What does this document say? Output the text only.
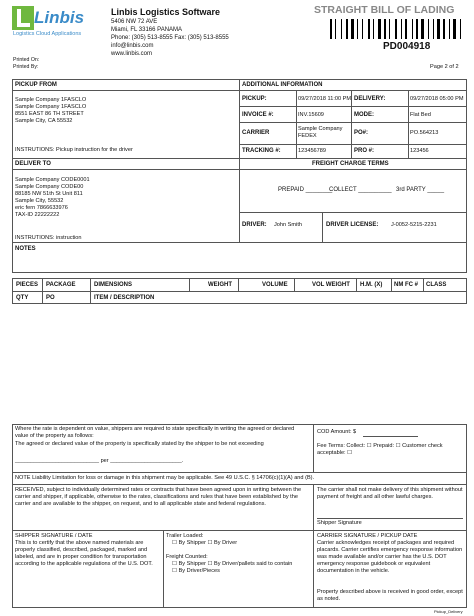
Linbis
Logistics Cloud Applications
Linbis Logistics Software
5406 NW 72 AVE
Miami, FL 33166 PANAMA
Phone: (305) 513-8555 Fax: (305) 513-8555
info@linbis.com
www.linbis.com
STRAIGHT BILL OF LADING
PD004918
Printed On:
Printed By:	Page 2 of 2
PICKUP FROM	ADDITIONAL INFORMATION
Sample Company 1FASCLO
Sample Company 1FASCLO
8551 EAST 86 TH STREET
Sample City, CA 55532
INSTRUTIONS: Pickup instruction for the driver
PICKUP:	09/27/2018 11:00 PM DELIVERY:	09/27/2018 05:00 PM
INVOICE #:	INV.15609	MODE:	Flat Bed
CARRIER
Sample Company
FEDEX	PO#:	PO.564213
TRACKING #:	123456789	PRO #:	123456
DELIVER TO	FREIGHT CHARGE TERMS
Sample Company CODE0001
Sample Company CODE00
88185 NW 51th St Unit 811
Sample City, 55532
eric fern 7866633976
TAX-ID 22222222
INSTRUTIONS: instruction
PREPAID ________
COLLECT __________ 3rd PARTY _____
DRIVER: John Smith	DRIVER LICENSE: J-0052-5215-2231
NOTES
PIECES PACKAGE	DIMENSIONS	WEIGHT	VOLUME	VOL WEIGHT H.M. (X) NM FC # CLASS
QTY	PO	ITEM / DESCRIPTION
Where the rate is dependent on value, shippers are required to state specifically in writing the agreed or declared value of the property as follows:
The agreed or declared value of the property is specifically stated by the shipper to be not exceeding
___________________________ per _______________________.
COD Amount: $
Fee Terms: Collect: ☐ Prepaid: ☐ Customer check acceptable: ☐
NOTE Liability Limitation for loss or damage in this shipment may be applicable. See 49 U.S.C. § 14706(c)(1)(A) and (B).
RECEIVED, subject to individually determined rates or contracts that have been agreed upon in writing between the carrier and shipper, if applicable, otherwise to the rates, classifications and rules that have been established by the carrier and are available to the shipper, on request, and to all applicable state and federal regulations.
The carrier shall not make delivery of this shipment without payment of freight and all other lawful charges.
Shipper Signature
SHIPPER SIGNATURE / DATE
This is to certify that the above named materials are properly classified, described, packaged, marked and labeled, and are in proper condition for transportation according to the applicable regulations of the U.S. DOT.
Trailer Loaded:
☐ By Shipper ☐ By Driver
Freight Counted:
☐ By Shipper ☐ By Driver/pallets said to contain
☐ By Driver/Pieces
CARRIER SIGNATURE / PICKUP DATE
Carrier acknowledges receipt of packages and required placards. Carrier certifies emergency response information was made available and/or carrier has the U.S. DOT emergency response guidebook or equivalent documentation in the vehicle.
Property described above is received in good order, except as noted.
Pickup_Delivery
